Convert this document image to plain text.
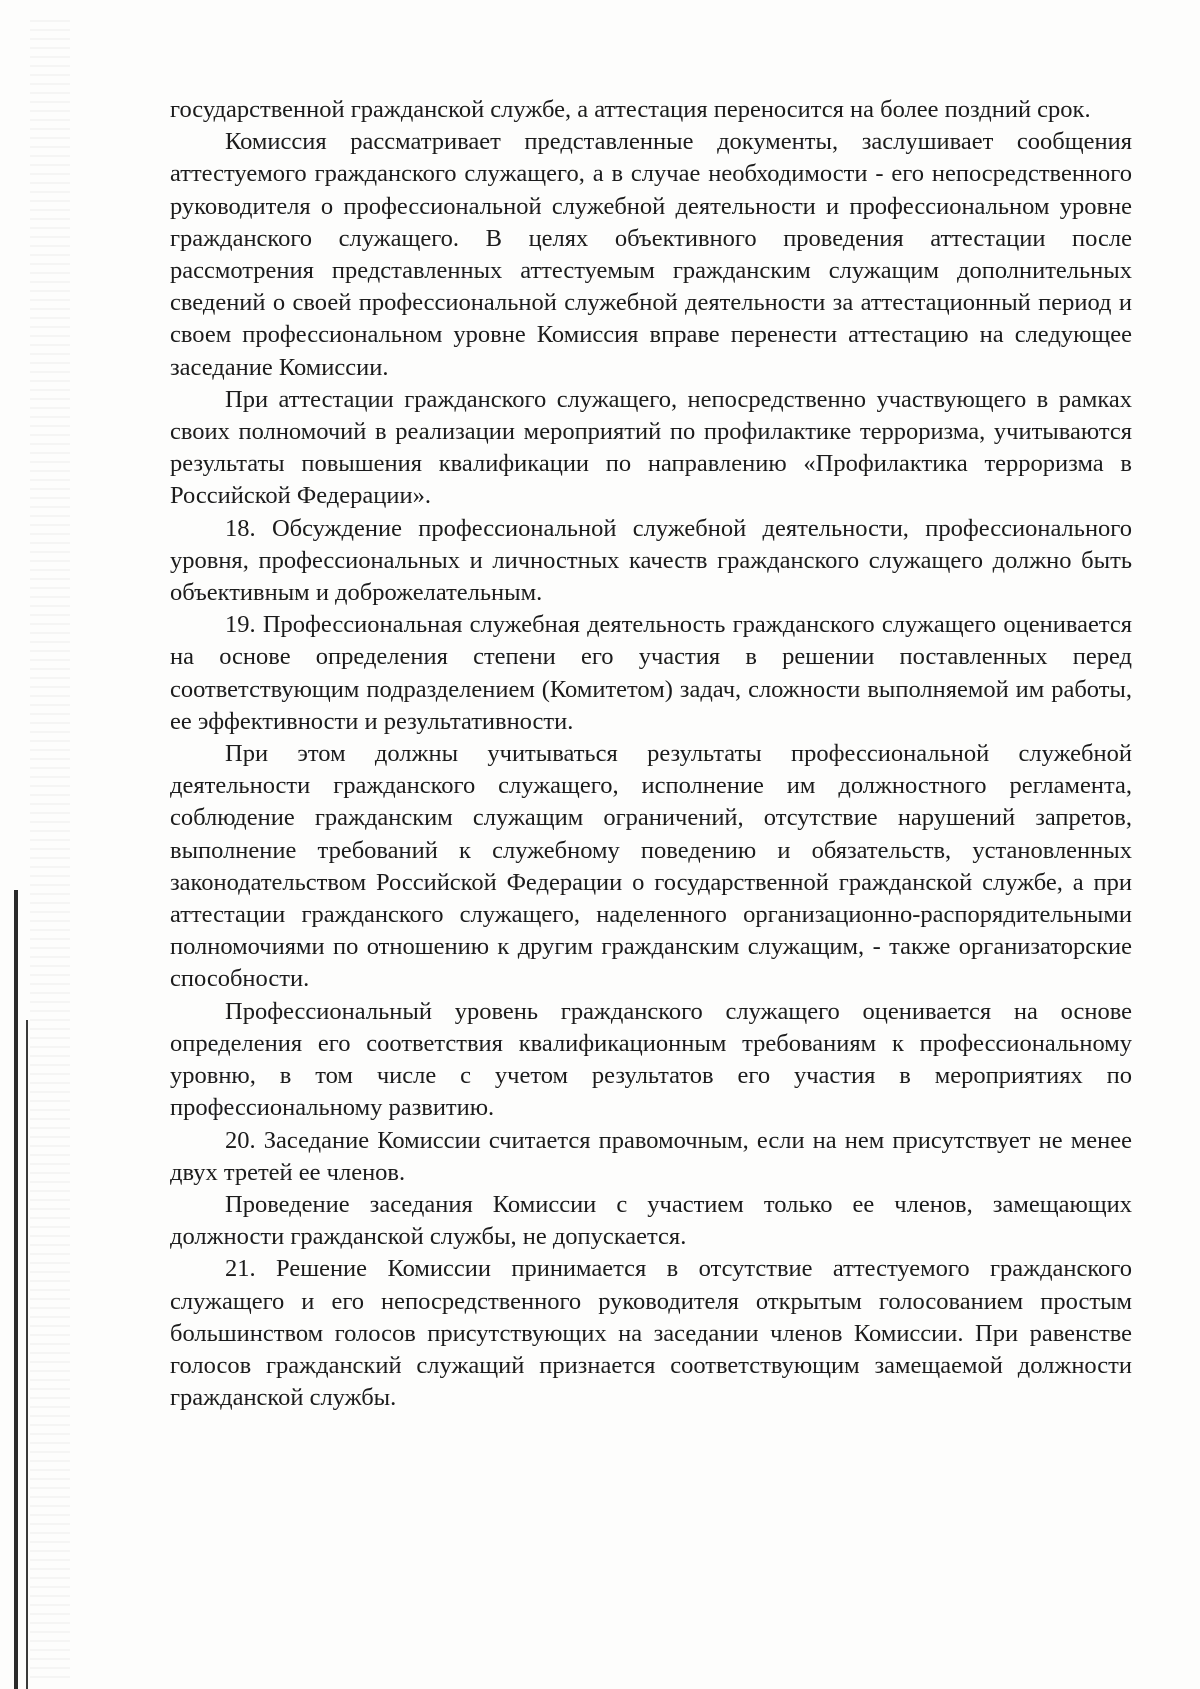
государственной гражданской службе, а аттестация переносится на более поздний срок.

Комиссия рассматривает представленные документы, заслушивает сообщения аттестуемого гражданского служащего, а в случае необходимости - его непосредственного руководителя о профессиональной служебной деятельности и профессиональном уровне гражданского служащего. В целях объективного проведения аттестации после рассмотрения представленных аттестуемым гражданским служащим дополнительных сведений о своей профессиональной служебной деятельности за аттестационный период и своем профессиональном уровне Комиссия вправе перенести аттестацию на следующее заседание Комиссии.

При аттестации гражданского служащего, непосредственно участвующего в рамках своих полномочий в реализации мероприятий по профилактике терроризма, учитываются результаты повышения квалификации по направлению «Профилактика терроризма в Российской Федерации».

18. Обсуждение профессиональной служебной деятельности, профессионального уровня, профессиональных и личностных качеств гражданского служащего должно быть объективным и доброжелательным.

19. Профессиональная служебная деятельность гражданского служащего оценивается на основе определения степени его участия в решении поставленных перед соответствующим подразделением (Комитетом) задач, сложности выполняемой им работы, ее эффективности и результативности.

При этом должны учитываться результаты профессиональной служебной деятельности гражданского служащего, исполнение им должностного регламента, соблюдение гражданским служащим ограничений, отсутствие нарушений запретов, выполнение требований к служебному поведению и обязательств, установленных законодательством Российской Федерации о государственной гражданской службе, а при аттестации гражданского служащего, наделенного организационно-распорядительными полномочиями по отношению к другим гражданским служащим, - также организаторские способности.

Профессиональный уровень гражданского служащего оценивается на основе определения его соответствия квалификационным требованиям к профессиональному уровню, в том числе с учетом результатов его участия в мероприятиях по профессиональному развитию.

20. Заседание Комиссии считается правомочным, если на нем присутствует не менее двух третей ее членов.

Проведение заседания Комиссии с участием только ее членов, замещающих должности гражданской службы, не допускается.

21. Решение Комиссии принимается в отсутствие аттестуемого гражданского служащего и его непосредственного руководителя открытым голосованием простым большинством голосов присутствующих на заседании членов Комиссии. При равенстве голосов гражданский служащий признается соответствующим замещаемой должности гражданской службы.
